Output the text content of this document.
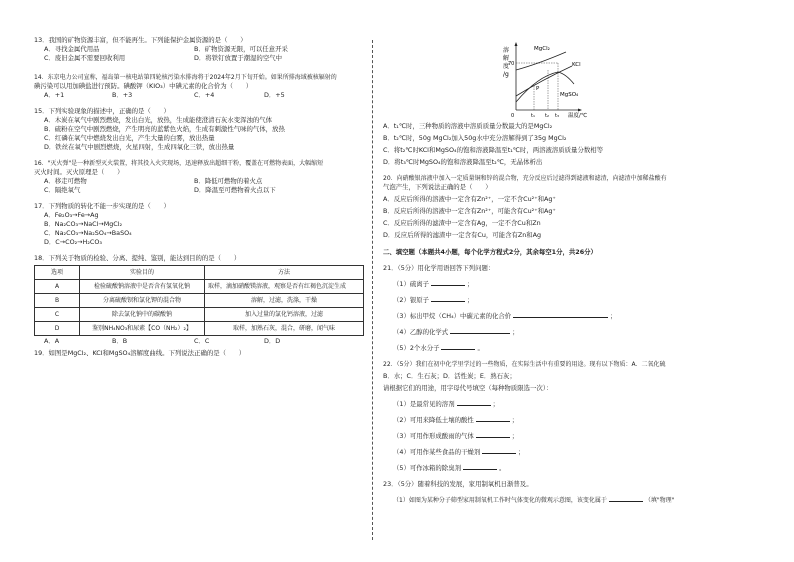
13．我国的矿物资源丰富，但不能再生。下列能保护金属资源的是（　　）

A．寻找金属代用品	B．矿物资源无限，可以任意开采
C．废旧金属不需要回收利用	D．将铁钉放置于潮湿的空气中

14．东京电力公司宣称，福岛第一核电站第四轮核污染水排海将于2024年2月下旬开始。如果所排海域被核辐射的

碘污染可以用加碘盐进行预防。碘酸钾（KIO₃）中碘元素的化合价为（　　）

A．+1	B．+3	C．+4	D．+5

15．下列实验现象的描述中，正确的是（　　）

A．木炭在氧气中剧烈燃烧，发出白光，放热，生成能使澄清石灰水变浑浊的气体

B．硫粉在空气中剧烈燃烧，产生明亮的蓝紫色火焰，生成有刺激性气味的气体，放热

C．红磷在氧气中燃烧发出白光，产生大量的白雾，放出热量

D．铁丝在氧气中剧烈燃烧，火星四射，生成四氧化三铁，放出热量

16．"灭火弹"是一种新型灭火装置，将其投入火灾现场，迅速释放出超细干粉，覆盖在可燃物表面，大幅缩短

灭火时间。灭火原理是（　　）

A．移走可燃物	B．降低可燃物的着火点
C．隔绝氧气	D．降温至可燃物着火点以下

17．下列物质的转化不能一步实现的是（　　）

A．Fe₂O₃→Fe→Ag

B．Na₂CO₃→NaCl→MgCl₂

C．Na₂CO₃→Na₂SO₄→BaSO₄

D．C→CO₂→H₂CO₃

18．下列关于物质的检验、分离、提纯、鉴别，能达到目的的是（　　）

选项	实验目的	方法
A	检验硫酸钠溶液中是否含有氢氧化钠	取样，滴加硝酸镁溶液，观察是否有红褐色沉淀生成
B	分离硫酸钡和氯化钾的混合物	溶解，过滤，洗涤，干燥
C	除去氯化钠中的碳酸钠	加入过量的氯化钙溶液，过滤
D	鉴别NH₄NO₃和尿素【CO（NH₂）₂】	取样，加熟石灰，混合，研磨，闻气味
A．A	B．B	C．C	D．D

19．如图是MgCl₂、KCl和MgSO₄溶解度曲线。下列说法正确的是（　　）

溶
解
度
/g
70
MgCl₂
KCl
MgSO₄
P
t₁ t₂ t₃
0	温度/℃

A．t₁℃时，三种物质的溶液中溶质质量分数最大的是MgCl₂

B．t₂℃时，50g MgCl₂加入50g水中充分溶解得到了35g MgCl₂

C．将t₂℃时KCl和MgSO₄的饱和溶液降温至t₁℃时，两溶液溶质质量分数相等

D．将t₃℃时MgSO₄的饱和溶液降温至t₂℃，无晶体析出

20．向硝酸银溶液中加入一定质量铜和锌的混合物，充分反应后过滤得到滤液和滤渣，向滤渣中加稀盐酸有

气泡产生，下列说法正确的是（　　）

A．反应后所得的溶液中一定含有Zn²⁺，一定不含Cu²⁺和Ag⁺

B．反应后所得的溶液中一定含有Zn²⁺，可能含有Cu²⁺和Ag⁺

C．反应后所得的滤渣中一定含有Ag，一定不含Cu和Zn

D．反应后所得的滤渣中一定含有Cu，可能含有Zn和Ag

二、填空题（本题共4小题，每个化学方程式2分，其余每空1分，共26分）

21．（5分）用化学用语回答下列问题：

（1）硫离子	；

（2）银原子	；

（3）标出甲烷（CH₄）中碳元素的化合价	；

（4）乙醇的化学式	；

（5）2个水分子	。

22．（5分）我们在初中化学里学过的一些物质，在实际生活中有重要的用途。现有以下物质：A．二氧化硫

B．水；C．生石灰；D．活性炭；E．熟石灰；

请根据它们的用途，用字母代号填空（每种物质限选一次）：

（1）是最常见的溶剂	；

（2）可用来降低土壤的酸性	；

（3）可用作形成酸雨的气体	；

（4）可用作某些食品的干燥剂	；

（5）可作冰箱的除臭剂	。

23．（5分）随着科技的发展，家用制氧机日渐普及。

（1）如图为某种分子筛型家用制氧机工作时气体变化的微观示意图，该变化属于	（填"物理"
